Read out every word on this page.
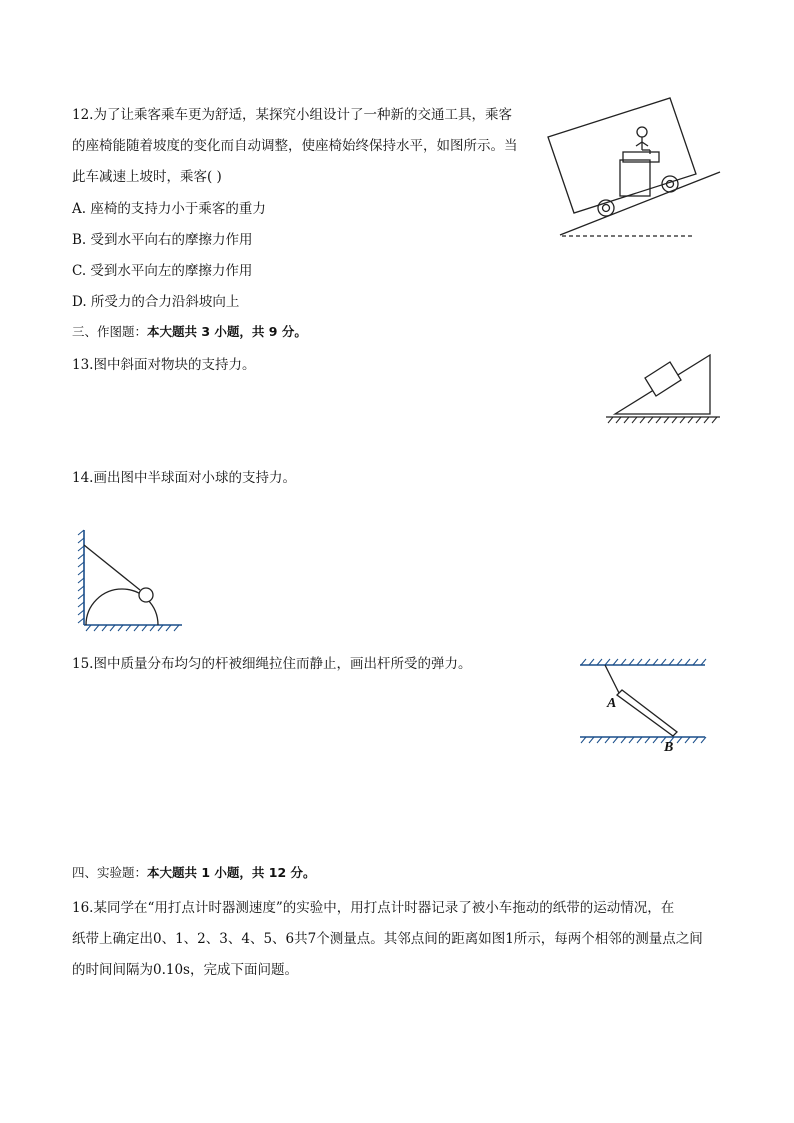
12.为了让乘客乘车更为舒适，某探究小组设计了一种新的交通工具，乘客
的座椅能随着坡度的变化而自动调整，使座椅始终保持水平，如图所示。当
此车减速上坡时，乘客( )
A. 座椅的支持力小于乘客的重力
B. 受到水平向右的摩擦力作用
C. 受到水平向左的摩擦力作用
D. 所受力的合力沿斜坡向上
三、作图题：本大题共 3 小题，共 9 分。
13.图中斜面对物块的支持力。
14.画出图中半球面对小球的支持力。
15.图中质量分布均匀的杆被细绳拉住而静止，画出杆所受的弹力。
A
B
四、实验题：本大题共 1 小题，共 12 分。
16.某同学在“用打点计时器测速度”的实验中，用打点计时器记录了被小车拖动的纸带的运动情况，在
纸带上确定出0、1、2、3、4、5、6共7个测量点。其邻点间的距离如图1所示，每两个相邻的测量点之间
的时间间隔为0.10s，完成下面问题。
